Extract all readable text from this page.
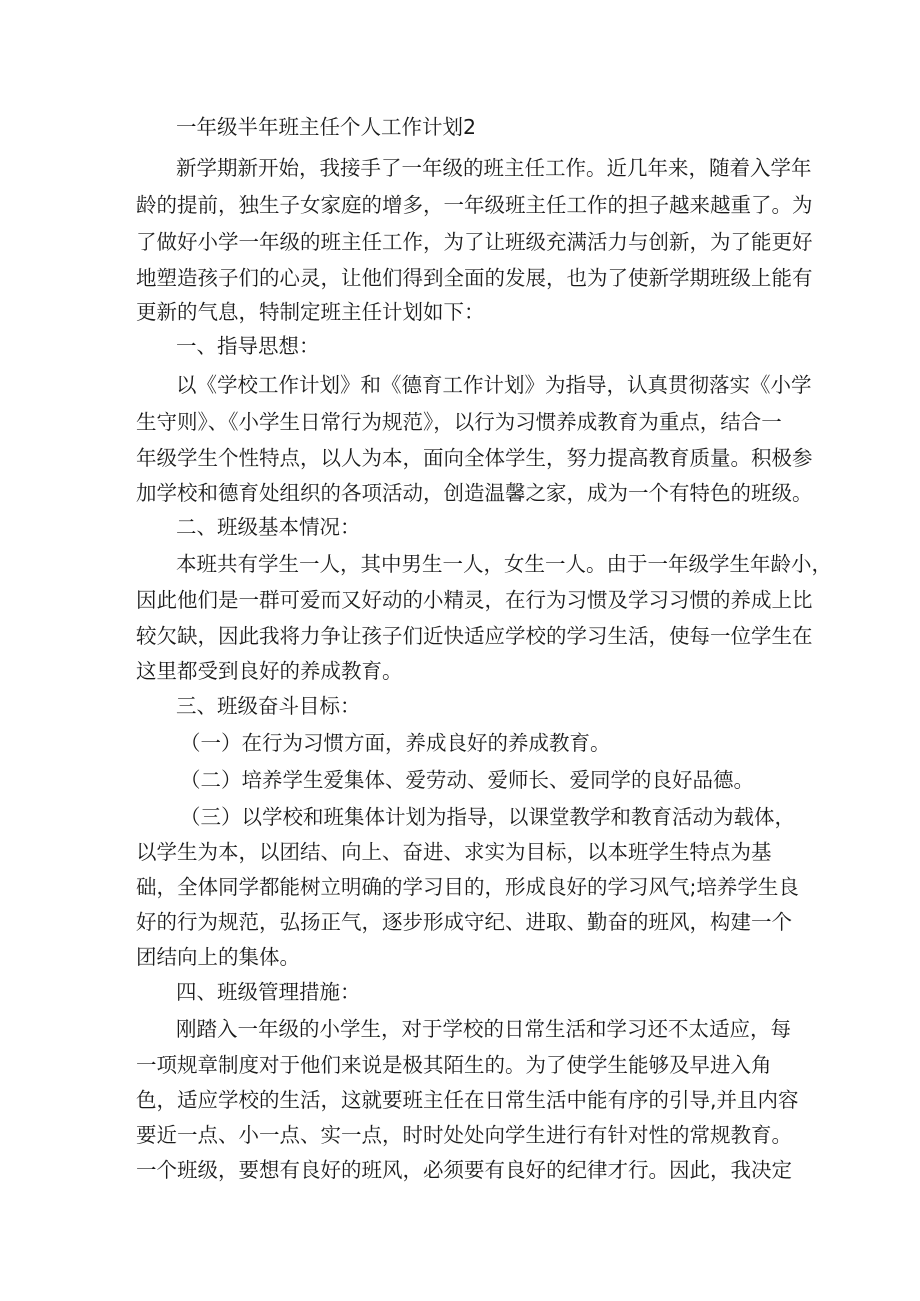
一年级半年班主任个人工作计划2
新学期新开始，我接手了一年级的班主任工作。近几年来，随着入学年
龄的提前，独生子女家庭的增多，一年级班主任工作的担子越来越重了。为
了做好小学一年级的班主任工作，为了让班级充满活力与创新，为了能更好
地塑造孩子们的心灵，让他们得到全面的发展，也为了使新学期班级上能有
更新的气息，特制定班主任计划如下：
一、指导思想：
以《学校工作计划》和《德育工作计划》为指导，认真贯彻落实《小学
生守则》、《小学生日常行为规范》，以行为习惯养成教育为重点，结合一
年级学生个性特点，以人为本，面向全体学生，努力提高教育质量。积极参
加学校和德育处组织的各项活动，创造温馨之家，成为一个有特色的班级。
二、班级基本情况：
本班共有学生一人，其中男生一人，女生一人。由于一年级学生年龄小，
因此他们是一群可爱而又好动的小精灵，在行为习惯及学习习惯的养成上比
较欠缺，因此我将力争让孩子们近快适应学校的学习生活，使每一位学生在
这里都受到良好的养成教育。
三、班级奋斗目标：
（一）在行为习惯方面，养成良好的养成教育。
（二）培养学生爱集体、爱劳动、爱师长、爱同学的良好品德。
（三）以学校和班集体计划为指导，以课堂教学和教育活动为载体，
以学生为本，以团结、向上、奋进、求实为目标，以本班学生特点为基
础，全体同学都能树立明确的学习目的，形成良好的学习风气;培养学生良
好的行为规范，弘扬正气，逐步形成守纪、进取、勤奋的班风，构建一个
团结向上的集体。
四、班级管理措施：
刚踏入一年级的小学生，对于学校的日常生活和学习还不太适应，每
一项规章制度对于他们来说是极其陌生的。为了使学生能够及早进入角
色，适应学校的生活，这就要班主任在日常生活中能有序的引导,并且内容
要近一点、小一点、实一点，时时处处向学生进行有针对性的常规教育。
一个班级，要想有良好的班风，必须要有良好的纪律才行。因此，我决定
